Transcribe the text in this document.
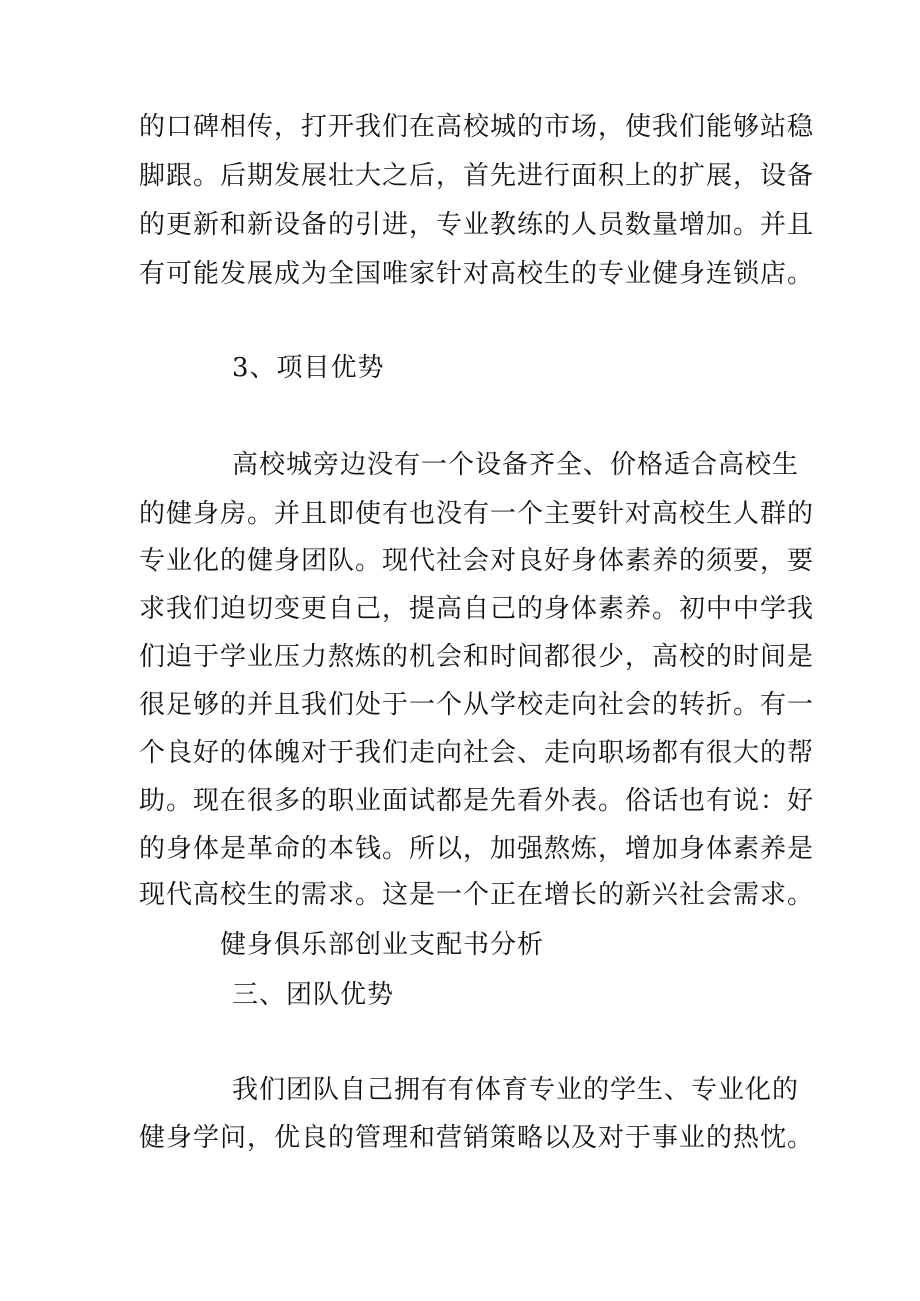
的口碑相传，打开我们在高校城的市场，使我们能够站稳
脚跟。后期发展壮大之后，首先进行面积上的扩展，设备
的更新和新设备的引进，专业教练的人员数量增加。并且
有可能发展成为全国唯家针对高校生的专业健身连锁店。
3、项目优势
高校城旁边没有一个设备齐全、价格适合高校生
的健身房。并且即使有也没有一个主要针对高校生人群的
专业化的健身团队。现代社会对良好身体素养的须要，要
求我们迫切变更自己，提高自己的身体素养。初中中学我
们迫于学业压力熬炼的机会和时间都很少，高校的时间是
很足够的并且我们处于一个从学校走向社会的转折。有一
个良好的体魄对于我们走向社会、走向职场都有很大的帮
助。现在很多的职业面试都是先看外表。俗话也有说：好
的身体是革命的本钱。所以，加强熬炼，增加身体素养是
现代高校生的需求。这是一个正在增长的新兴社会需求。
健身俱乐部创业支配书分析
三、团队优势
我们团队自己拥有有体育专业的学生、专业化的
健身学问，优良的管理和营销策略以及对于事业的热忱。
